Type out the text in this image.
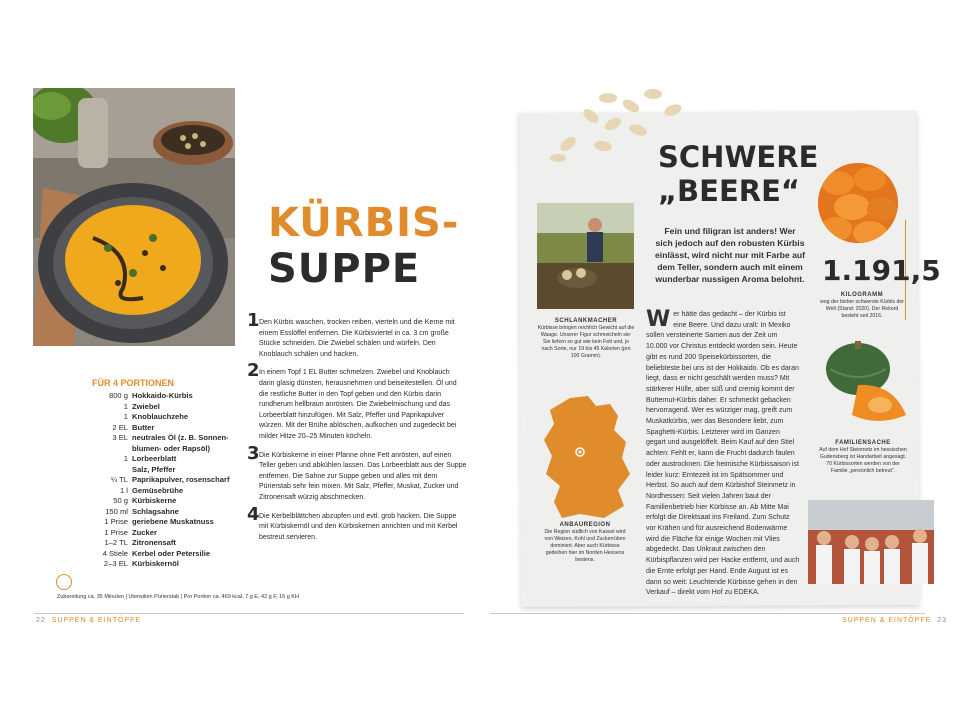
KÜRBIS-
SUPPE
FÜR 4 PORTIONEN
800 g Hokkaido-Kürbis
1 Zwiebel
1 Knoblauchzehe
2 EL Butter
3 EL neutrales Öl (z. B. Sonnen-
blumen- oder Rapsöl)
1 Lorbeerblatt
Salz, Pfeffer
¼ TL Paprikapulver, rosenscharf
1 l Gemüsebrühe
50 g Kürbiskerne
150 ml Schlagsahne
1 Prise geriebene Muskatnuss
1 Prise Zucker
1–2 TL Zitronensaft
4 Stiele Kerbel oder Petersilie
2–3 EL Kürbiskernöl
1 Den Kürbis waschen, trocken reiben, vierteln und die Kerne mit einem Esslöffel entfernen. Die Kürbisviertel in ca. 3 cm große Stücke schneiden. Die Zwiebel schälen und würfeln. Den Knoblauch schälen und hacken.
2 In einem Topf 1 EL Butter schmelzen. Zwiebel und Knoblauch darin glasig dünsten, herausnehmen und beiseitestellen. Öl und die restliche Butter in den Topf geben und den Kürbis darin rundherum hellbraun anrösten. Die Zwiebelmischung und das Lorbeerblatt hinzufügen. Mit Salz, Pfeffer und Paprikapulver würzen. Mit der Brühe ablöschen, aufkochen und zugedeckt bei milder Hitze 20–25 Minuten köcheln.
3 Die Kürbiskerne in einer Pfanne ohne Fett anrösten, auf einen Teller geben und abkühlen lassen. Das Lorbeerblatt aus der Suppe entfernen. Die Sahne zur Suppe geben und alles mit dem Pürierstab sehr fein mixen. Mit Salz, Pfeffer, Muskat, Zucker und Zitronensaft würzig abschmecken.
4 Die Kerbelblättchen abzupfen und evtl. grob hacken. Die Suppe mit Kürbiskernöl und den Kürbiskernen anrichten und mit Kerbel bestreut servieren.
Zubereitung ca. 35 Minuten | Utensilien Pürierstab | Pro Portion ca. 469 kcal, 7 g E, 42 g F, 16 g KH
22 SUPPEN & EINTÖPFE
SCHWERE
„BEERE“
SCHLANKMACHER
Kürbisse bringen reichlich Gewicht auf die Waage. Unserer Figur schmeicheln sie: Sie liefern so gut wie kein Fett und, je nach Sorte, nur 19 bis 45 Kalorien (pro 100 Gramm).
Fein und filigran ist anders! Wer sich jedoch auf den robusten Kürbis einlässt, wird nicht nur mit Farbe auf dem Teller, sondern auch mit einem wunderbar nussigen Aroma belohnt.
Wer hätte das gedacht – der Kürbis ist eine Beere. Und dazu uralt: In Mexiko sollen versteinerte Samen aus der Zeit um 10.000 vor Christus entdeckt worden sein. Heute gibt es rund 200 Speisekürbissorten, die beliebteste bei uns ist der Hokkaido. Ob es daran liegt, dass er nicht geschält werden muss? Mit stärkerer Hülle, aber süß und cremig kommt der Butternut-Kürbis daher. Er schmeckt gebacken hervorragend. Wer es würziger mag, greift zum Muskatkürbis, wer das Besondere liebt, zum Spaghetti-Kürbis. Letzterer wird im Ganzen gegart und ausgelöffelt. Beim Kauf auf den Stiel achten: Fehlt er, kann die Frucht dadurch faulen oder austrocknen. Die heimische Kürbissaison ist leider kurz: Erntezeit ist im Spätsommer und Herbst. So auch auf dem Kürbishof Steinmetz in Nordhessen: Seit vielen Jahren baut der Familienbetrieb hier Kürbisse an. Ab Mitte Mai erfolgt die Direktsaat ins Freiland. Zum Schutz vor Krähen und für ausreichend Bodenwärme wird die Fläche für einige Wochen mit Vlies abgedeckt. Das Unkraut zwischen den Kürbispflanzen wird per Hacke entfernt, und auch die Ernte erfolgt per Hand. Ende August ist es dann so weit: Leuchtende Kürbisse gehen in den Verkauf – direkt vom Hof zu EDEKA.
ANBAUREGION
Die Region südlich von Kassel wird von Weizen, Kohl und Zuckerrüben dominiert. Aber auch Kürbisse gedeihen hier im Norden Hessens bestens.
1.191,5
KILOGRAMM
wog der bisher schwerste Kürbis der Welt (Stand: 2020). Der Rekord besteht seit 2016.
FAMILIENSACHE
Auf dem Hof Steinmetz im hessischen Gudensberg ist Handarbeit angesagt. 70 Kürbissorten werden von der Familie „persönlich betreut“.
SUPPEN & EINTÖPFE 23
